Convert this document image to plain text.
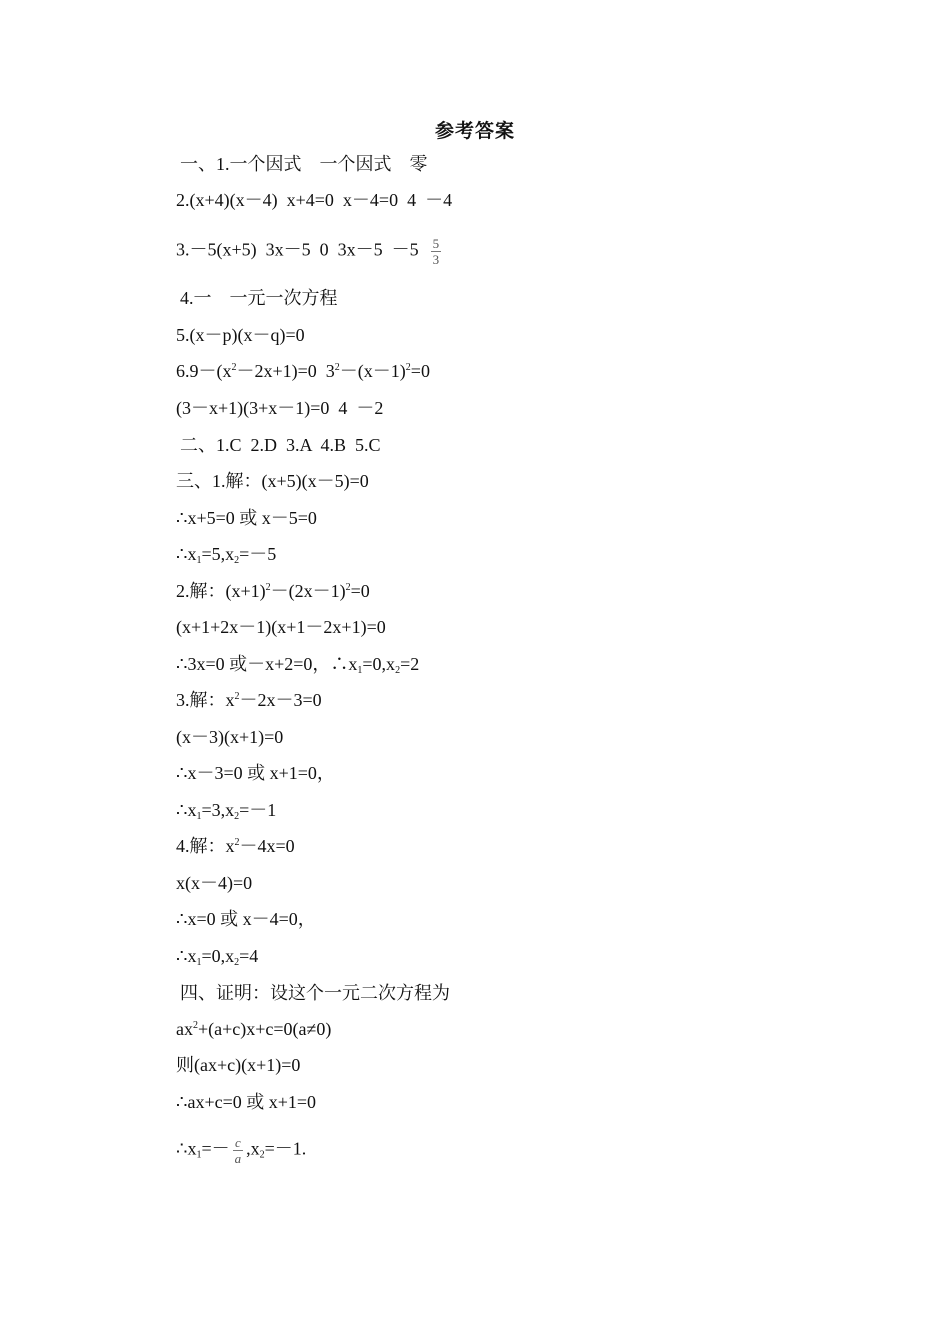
参考答案
一、1.一个因式    一个因式    零
2.(x+4)(x－4)  x+4=0  x－4=0  4  －4
3.－5(x+5)  3x－5  0  $3x-5 -5 \frac{5}{3}$
4.一    一元一次方程
5.(x－p)(x－q)=0
$6.9-(x^2-2x+1)=0$  $3^2-(x-1)^2=0$
(3－x+1)(3+x－1)=0  4  －2
二、1.C  2.D  3.A  4.B  5.C
三、1.解：(x+5)(x－5)=0
∴x+5=0 或 x－5=0
$\therefore x_1=5,x_2=-5$
2.解：$(x+1)^2-(2x-1)^2=0$
(x+1+2x－1)(x+1－2x+1)=0
∴3x=0 或－x+2=0，$\therefore x_1=0,x_2=2$
3.解：$x^2-2x-3=0$
(x－3)(x+1)=0
∴x－3=0 或 x+1=0，
$\therefore x_1=3,x_2=-1$
4.解：$x^2-4x=0$
x(x－4)=0
∴x=0 或 x－4=0，
$\therefore x_1=0,x_2=4$
四、证明：设这个一元二次方程为
$ax^2+(a+c)x+c=0(a\ne 0)$
则(ax+c)(x+1)=0
∴ax+c=0 或 x+1=0
$\therefore x_1=- \frac{c}{a} ,x_2=-1$.
